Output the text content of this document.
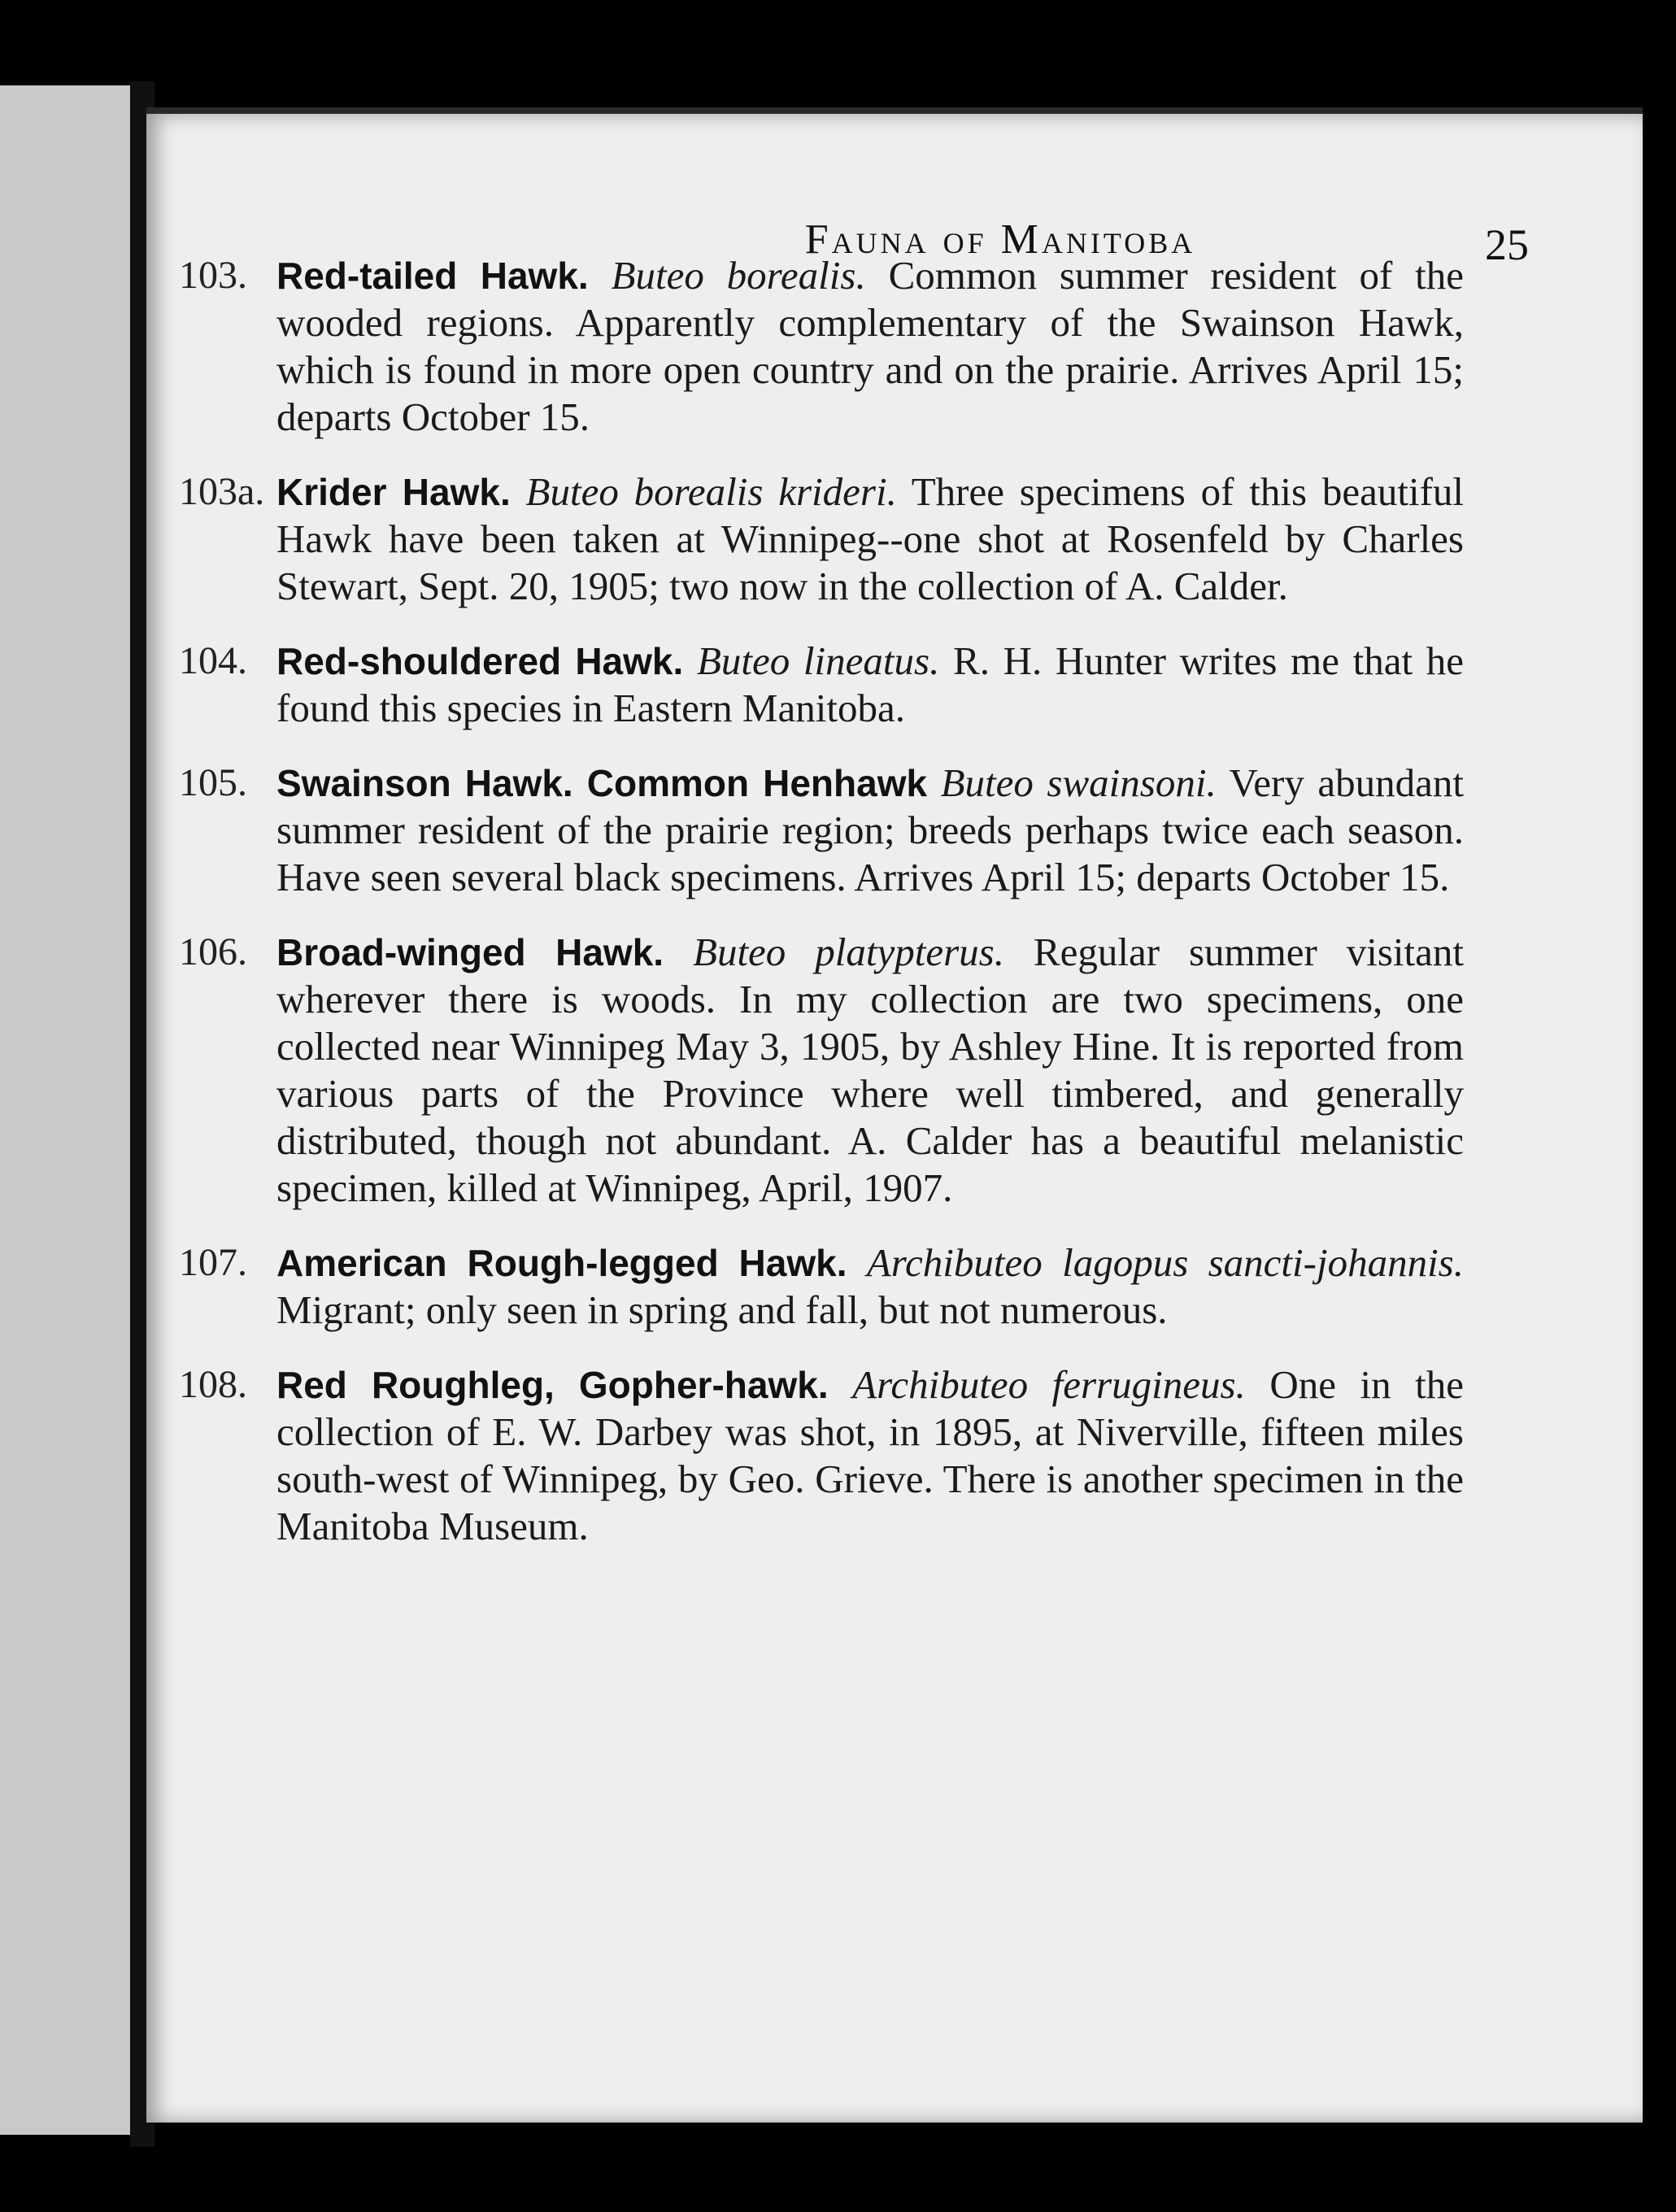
Fauna of Manitoba	25
103. Red-tailed Hawk. Buteo borealis. Common summer resident of the wooded regions. Apparently complementary of the Swainson Hawk, which is found in more open country and on the prairie. Arrives April 15; departs October 15.
103a. Krider Hawk. Buteo borealis krideri. Three specimens of this beautiful Hawk have been taken at Winnipeg--one shot at Rosenfeld by Charles Stewart, Sept. 20, 1905; two now in the collection of A. Calder.
104. Red-shouldered Hawk. Buteo lineatus. R. H. Hunter writes me that he found this species in Eastern Manitoba.
105. Swainson Hawk. Common Henhawk Buteo swainsoni. Very abundant summer resident of the prairie region; breeds perhaps twice each season. Have seen several black specimens. Arrives April 15; departs October 15.
106. Broad-winged Hawk. Buteo platypterus. Regular summer visitant wherever there is woods. In my collection are two specimens, one collected near Winnipeg May 3, 1905, by Ashley Hine. It is reported from various parts of the Province where well timbered, and generally distributed, though not abundant. A. Calder has a beautiful melanistic specimen, killed at Winnipeg, April, 1907.
107. American Rough-legged Hawk. Archibuteo lagopus sancti-johannis. Migrant; only seen in spring and fall, but not numerous.
108. Red Roughleg, Gopher-hawk. Archibuteo ferrugineus. One in the collection of E. W. Darbey was shot, in 1895, at Niverville, fifteen miles south-west of Winnipeg, by Geo. Grieve. There is another specimen in the Manitoba Museum.
